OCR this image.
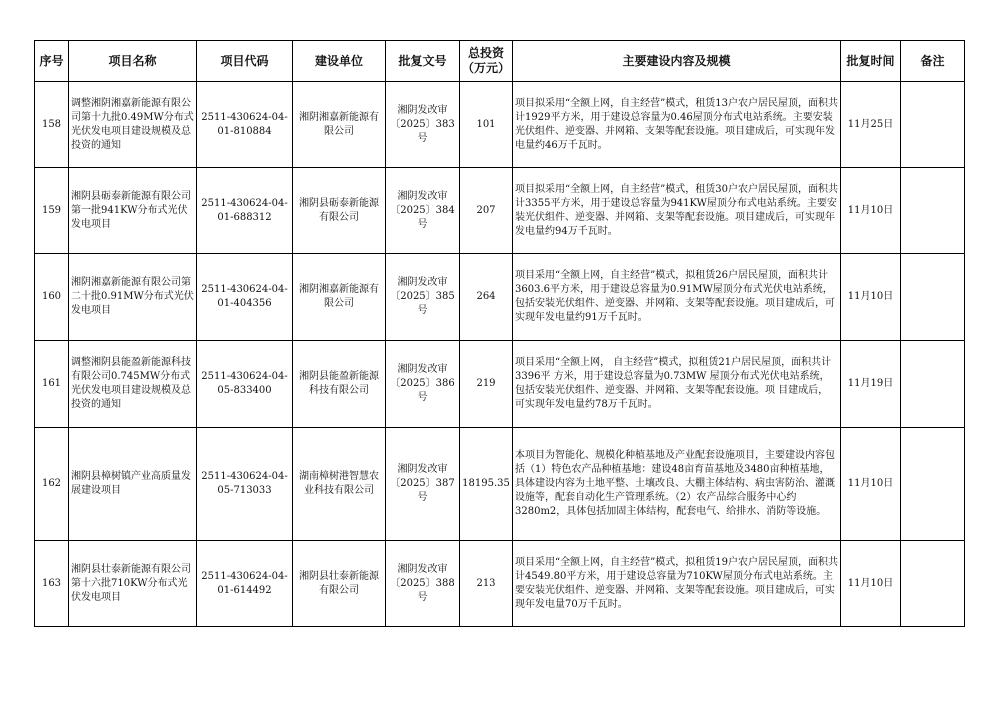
序号	项目名称	项目代码	建设单位	批复文号	总投资（万元）	主要建设内容及规模	批复时间	备注
158	调整湘阴湘嘉新能源有限公司第十九批0.49MW分布式光伏发电项目建设规模及总投资的通知	2511-430624-04-01-810884	湘阴湘嘉新能源有限公司	湘阴发改审〔2025〕383号	101	项目拟采用“全额上网，自主经营”模式，租赁13户农户居民屋顶，面积共计1929平方米，用于建设总容量为0.46屋顶分布式电站系统。主要安装光伏组件、逆变器、并网箱、支架等配套设施。项目建成后，可实现年发电量约46万千瓦时。	11月25日	
159	湘阴县砺泰新能源有限公司第一批941KW分布式光伏发电项目	2511-430624-04-01-688312	湘阴县砺泰新能源有限公司	湘阴发改审〔2025〕384号	207	项目拟采用“全额上网，自主经营”模式，租赁30户农户居民屋顶，面积共计3355平方米，用于建设总容量为941KW屋顶分布式电站系统。主要安装光伏组件、逆变器、并网箱、支架等配套设施。项目建成后，可实现年发电量约94万千瓦时。	11月10日	
160	湘阴湘嘉新能源有限公司第二十批0.91MW分布式光伏发电项目	2511-430624-04-01-404356	湘阴湘嘉新能源有限公司	湘阴发改审〔2025〕385号	264	项目采用“全额上网，自主经营”模式，拟租赁26户居民屋顶，面积共计3603.6平方米，用于建设总容量为0.91MW屋顶分布式光伏电站系统，包括安装光伏组件、逆变器、并网箱、支架等配套设施。项目建成后，可实现年发电量约91万千瓦时。	11月10日	
161	调整湘阴县能盈新能源科技有限公司0.745MW分布式光伏发电项目建设规模及总投资的通知	2511-430624-04-05-833400	湘阴县能盈新能源科技有限公司	湘阴发改审〔2025〕386号	219	项目采用“全额上网， 自主经营”模式，拟租赁21户居民屋顶，面积共计3396平 方米，用于建设总容量为0.73MW 屋顶分布式光伏电站系统， 包括安装光伏组件、逆变器、并网箱、支架等配套设施。项 目建成后，可实现年发电量约78万千瓦时。	11月19日	
162	湘阴县樟树镇产业高质量发展建设项目	2511-430624-04-05-713033	湖南樟树港智慧农业科技有限公司	湘阴发改审〔2025〕387号	18195.35	本项目为智能化、规模化种植基地及产业配套设施项目，主要建设内容包括（1）特色农产品种植基地：建设48亩育苗基地及3480亩种植基地，具体建设内容为土地平整、土壤改良、大棚主体结构、病虫害防治、灌溉设施等，配套自动化生产管理系统。（2）农产品综合服务中心约3280m2，具体包括加固主体结构，配套电气、给排水、消防等设施。	11月10日	
163	湘阴县壮泰新能源有限公司第十六批710KW分布式光伏发电项目	2511-430624-04-01-614492	湘阴县壮泰新能源有限公司	湘阴发改审〔2025〕388号	213	项目采用“全额上网，自主经营”模式，拟租赁19户农户居民屋顶，面积共计4549.80平方米，用于建设总容量为710KW屋顶分布式电站系统。主要安装光伏组件、逆变器、并网箱、支架等配套设施。项目建成后，可实现年发电量70万千瓦时。	11月10日	
